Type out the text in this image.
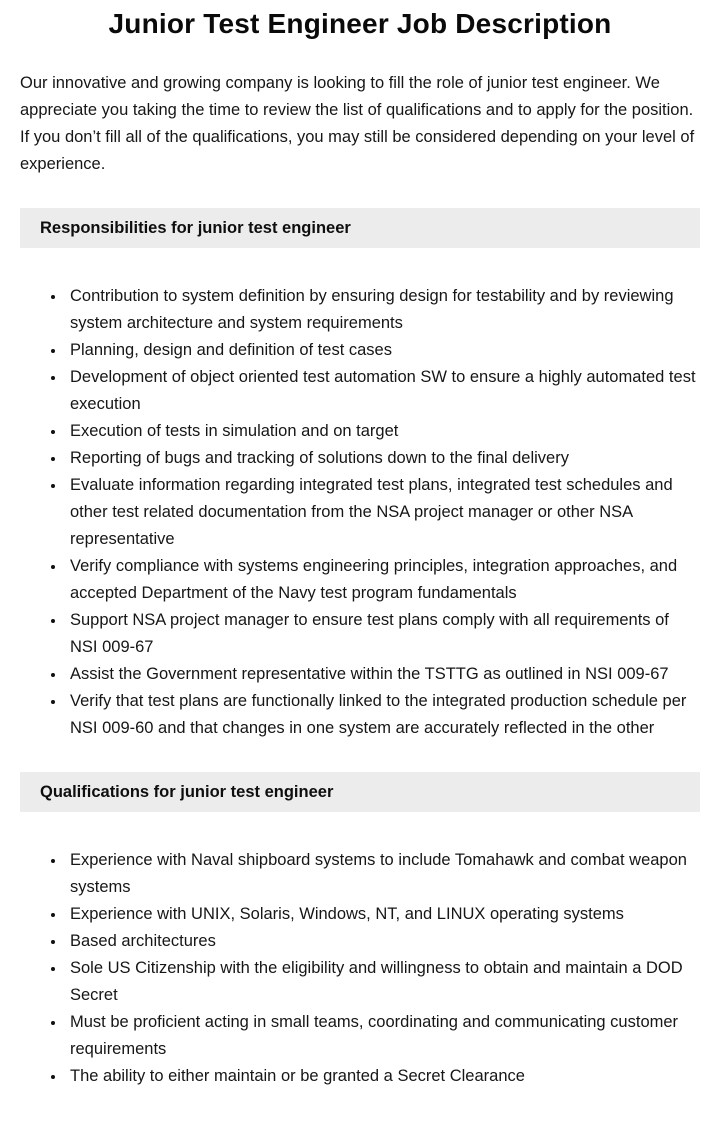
Junior Test Engineer Job Description

Our innovative and growing company is looking to fill the role of junior test engineer. We appreciate you taking the time to review the list of qualifications and to apply for the position. If you don’t fill all of the qualifications, you may still be considered depending on your level of experience.

Responsibilities for junior test engineer
• Contribution to system definition by ensuring design for testability and by reviewing system architecture and system requirements
• Planning, design and definition of test cases
• Development of object oriented test automation SW to ensure a highly automated test execution
• Execution of tests in simulation and on target
• Reporting of bugs and tracking of solutions down to the final delivery
• Evaluate information regarding integrated test plans, integrated test schedules and other test related documentation from the NSA project manager or other NSA representative
• Verify compliance with systems engineering principles, integration approaches, and accepted Department of the Navy test program fundamentals
• Support NSA project manager to ensure test plans comply with all requirements of NSI 009-67
• Assist the Government representative within the TSTTG as outlined in NSI 009-67
• Verify that test plans are functionally linked to the integrated production schedule per NSI 009-60 and that changes in one system are accurately reflected in the other
Qualifications for junior test engineer
• Experience with Naval shipboard systems to include Tomahawk and combat weapon systems
• Experience with UNIX, Solaris, Windows, NT, and LINUX operating systems
• Based architectures
• Sole US Citizenship with the eligibility and willingness to obtain and maintain a DOD Secret
• Must be proficient acting in small teams, coordinating and communicating customer requirements
• The ability to either maintain or be granted a Secret Clearance
